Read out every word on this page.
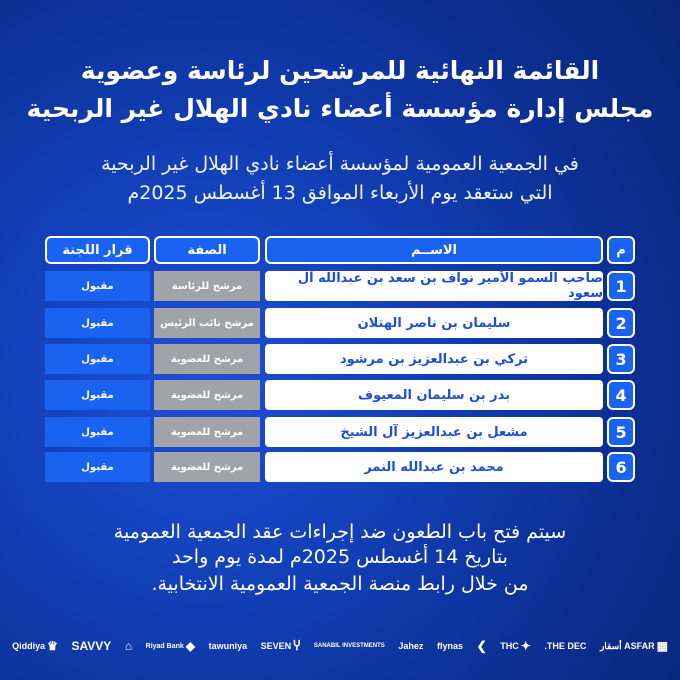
القائمة النهائية للمرشحين لرئاسة وعضوية
مجلس إدارة مؤسسة أعضاء نادي الهلال غير الربحية
في الجمعية العمومية لمؤسسة أعضاء نادي الهلال غير الربحية
التي ستعقد يوم الأربعاء الموافق 13 أغسطس 2025م
م
الاســم
الصفة
قرار اللجنة
1
صاحب السمو الأمير نواف بن سعد بن عبدالله آل سعود
مرشح للرئاسة
مقبول
2
سليمان بن ناصر الهتلان
مرشح نائب الرئيس
مقبول
3
تركي بن عبدالعزيز بن مرشود
مرشح للعضوية
مقبول
4
بدر بن سليمان المعيوف
مرشح للعضوية
مقبول
5
مشعل بن عبدالعزيز آل الشيخ
مرشح للعضوية
مقبول
6
محمد بن عبدالله النمر
مرشح للعضوية
مقبول
سيتم فتح باب الطعون ضد إجراءات عقد الجمعية العمومية
بتاريخ 14 أغسطس 2025م لمدة يوم واحد
من خلال رابط منصة الجمعية العمومية الانتخابية.
▦
ASFAR أسفار
THE DEC.
✦
THC
❯
flynas
Jahez
SANABIL INVESTMENTS
Ⴤ
SEVEN
tawuniya
◆
Riyad Bank
⌂
SAVVY
♛
Qiddiya
